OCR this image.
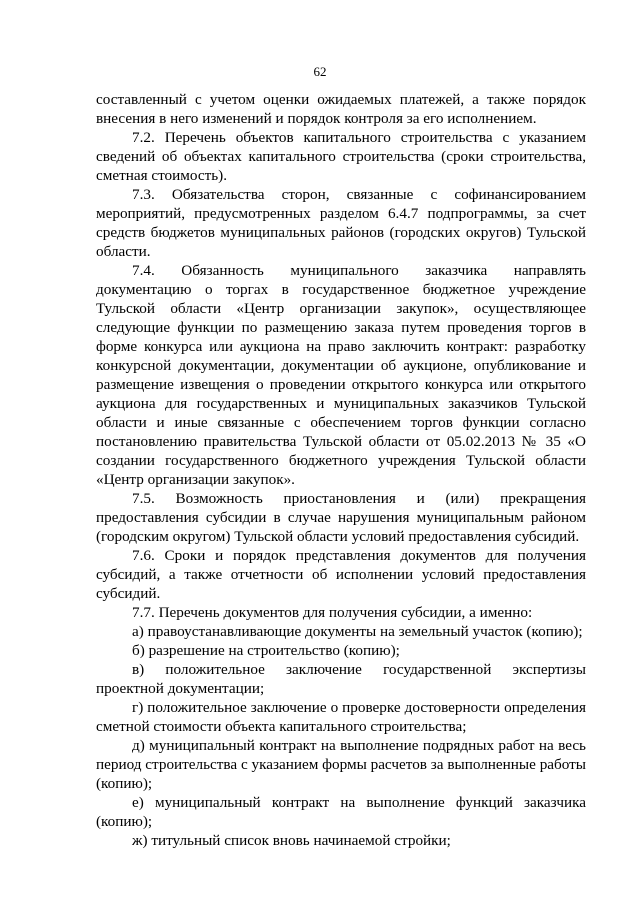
62

составленный с учетом оценки ожидаемых платежей, а также порядок внесения в него изменений и порядок контроля за его исполнением.

7.2. Перечень объектов капитального строительства с указанием сведений об объектах капитального строительства (сроки строительства, сметная стоимость).

7.3. Обязательства сторон, связанные с софинансированием мероприятий, предусмотренных разделом 6.4.7 подпрограммы, за счет средств бюджетов муниципальных районов (городских округов) Тульской области.

7.4. Обязанность муниципального заказчика направлять документацию о торгах в государственное бюджетное учреждение Тульской области «Центр организации закупок», осуществляющее следующие функции по размещению заказа путем проведения торгов в форме конкурса или аукциона на право заключить контракт: разработку конкурсной документации, документации об аукционе, опубликование и размещение извещения о проведении открытого конкурса или открытого аукциона для государственных и муниципальных заказчиков Тульской области и иные связанные с обеспечением торгов функции согласно постановлению правительства Тульской области от 05.02.2013 № 35 «О создании государственного бюджетного учреждения Тульской области «Центр организации закупок».

7.5. Возможность приостановления и (или) прекращения предоставления субсидии в случае нарушения муниципальным районом (городским округом) Тульской области условий предоставления субсидий.

7.6. Сроки и порядок представления документов для получения субсидий, а также отчетности об исполнении условий предоставления субсидий.

7.7. Перечень документов для получения субсидии, а именно:

а) правоустанавливающие документы на земельный участок (копию);

б) разрешение на строительство (копию);

в) положительное заключение государственной экспертизы проектной документации;

г) положительное заключение о проверке достоверности определения сметной стоимости объекта капитального строительства;

д) муниципальный контракт на выполнение подрядных работ на весь период строительства с указанием формы расчетов за выполненные работы (копию);

е) муниципальный контракт на выполнение функций заказчика (копию);

ж) титульный список вновь начинаемой стройки;
